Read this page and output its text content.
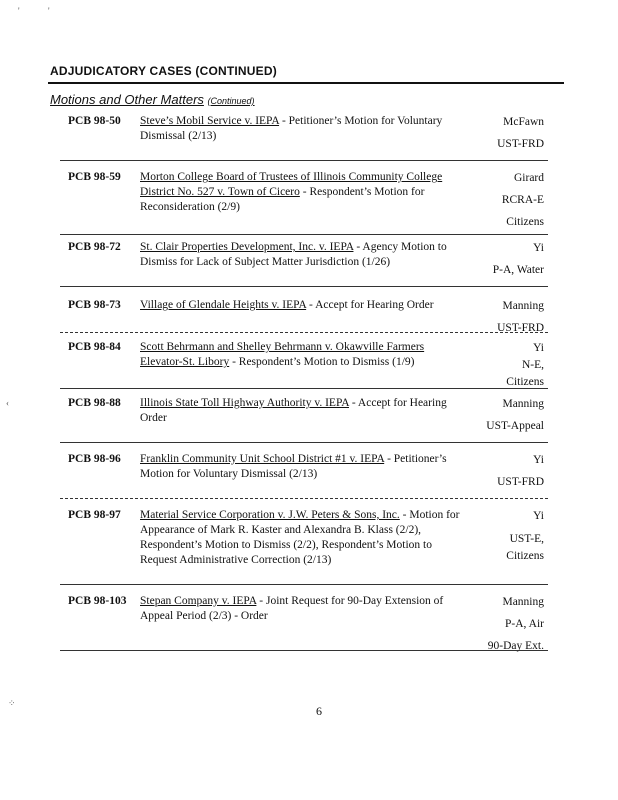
ADJUDICATORY CASES (CONTINUED)
Motions and Other Matters (Continued)
PCB 98-50 Steve’s Mobil Service v. IEPA - Petitioner’s Motion for Voluntary Dismissal (2/13)
McFawn
UST-FRD
PCB 98-59 Morton College Board of Trustees of Illinois Community College District No. 527 v. Town of Cicero - Respondent’s Motion for Reconsideration (2/9)
Girard
RCRA-E
Citizens
PCB 98-72 St. Clair Properties Development, Inc. v. IEPA - Agency Motion to Dismiss for Lack of Subject Matter Jurisdiction (1/26)
Yi
P-A, Water
PCB 98-73 Village of Glendale Heights v. IEPA - Accept for Hearing Order	Manning
UST-FRD
PCB 98-84 Scott Behrmann and Shelley Behrmann v. Okawville Farmers Elevator-St. Libory - Respondent’s Motion to Dismiss (1/9)
Yi
N-E,
Citizens
PCB 98-88 Illinois State Toll Highway Authority v. IEPA - Accept for Hearing Order
Manning
UST-Appeal
PCB 98-96 Franklin Community Unit School District #1 v. IEPA - Petitioner’s Motion for Voluntary Dismissal (2/13)
Yi
UST-FRD
PCB 98-97 Material Service Corporation v. J.W. Peters & Sons, Inc. - Motion for Appearance of Mark R. Kaster and Alexandra B. Klass (2/2), Respondent’s Motion to Dismiss (2/2), Respondent’s Motion to Request Administrative Correction (2/13)
Yi
UST-E,
Citizens
PCB 98-103 Stepan Company v. IEPA - Joint Request for 90-Day Extension of Appeal Period (2/3) - Order
Manning
P-A, Air
90-Day Ext.
6
'	'
‹
⁘
